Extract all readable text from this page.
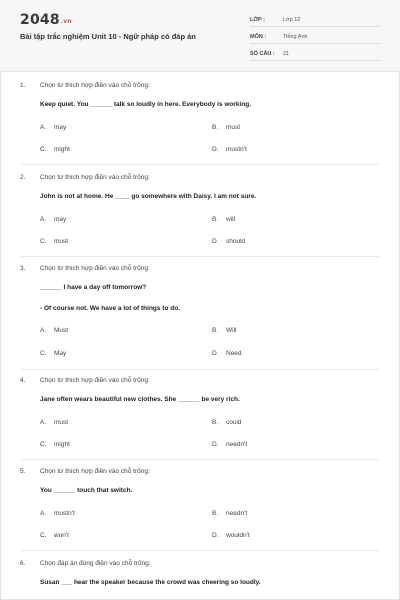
2048.vn
Bài tập trắc nghiệm Unit 10 - Ngữ pháp có đáp án
LỚP :	Lớp 12
MÔN :	Tiếng Anh
SỐ CÂU :	21
1. Chọn từ thích hợp điền vào chỗ trống:
Keep quiet. You ______ talk so loudly in here. Everybody is working.
A. may	B. must
C. might	D. mustn't
2. Chọn từ thích hợp điền vào chỗ trống:
John is not at home. He ____ go somewhere with Daisy. I am not sure.
A. may	B. will
C. must	D. should
3. Chọn từ thích hợp điền vào chỗ trống:
______ I have a day off tomorrow?
- Of course not. We have a lot of things to do.
A. Must	B. Will
C. May	D. Need
4. Chọn từ thích hợp điền vào chỗ trống:
Jane often wears beautiful new clothes. She ______ be very rich.
A. must	B. could
C. might	D. needn't
5. Chọn từ thích hợp điền vào chỗ trống:
You ______ touch that switch.
A. mustn't	B. needn't
C. won't	D. wouldn't
6. Chọn đáp án đúng điền vào chỗ trống:
Susan ___ hear the speaker because the crowd was cheering so loudly.
